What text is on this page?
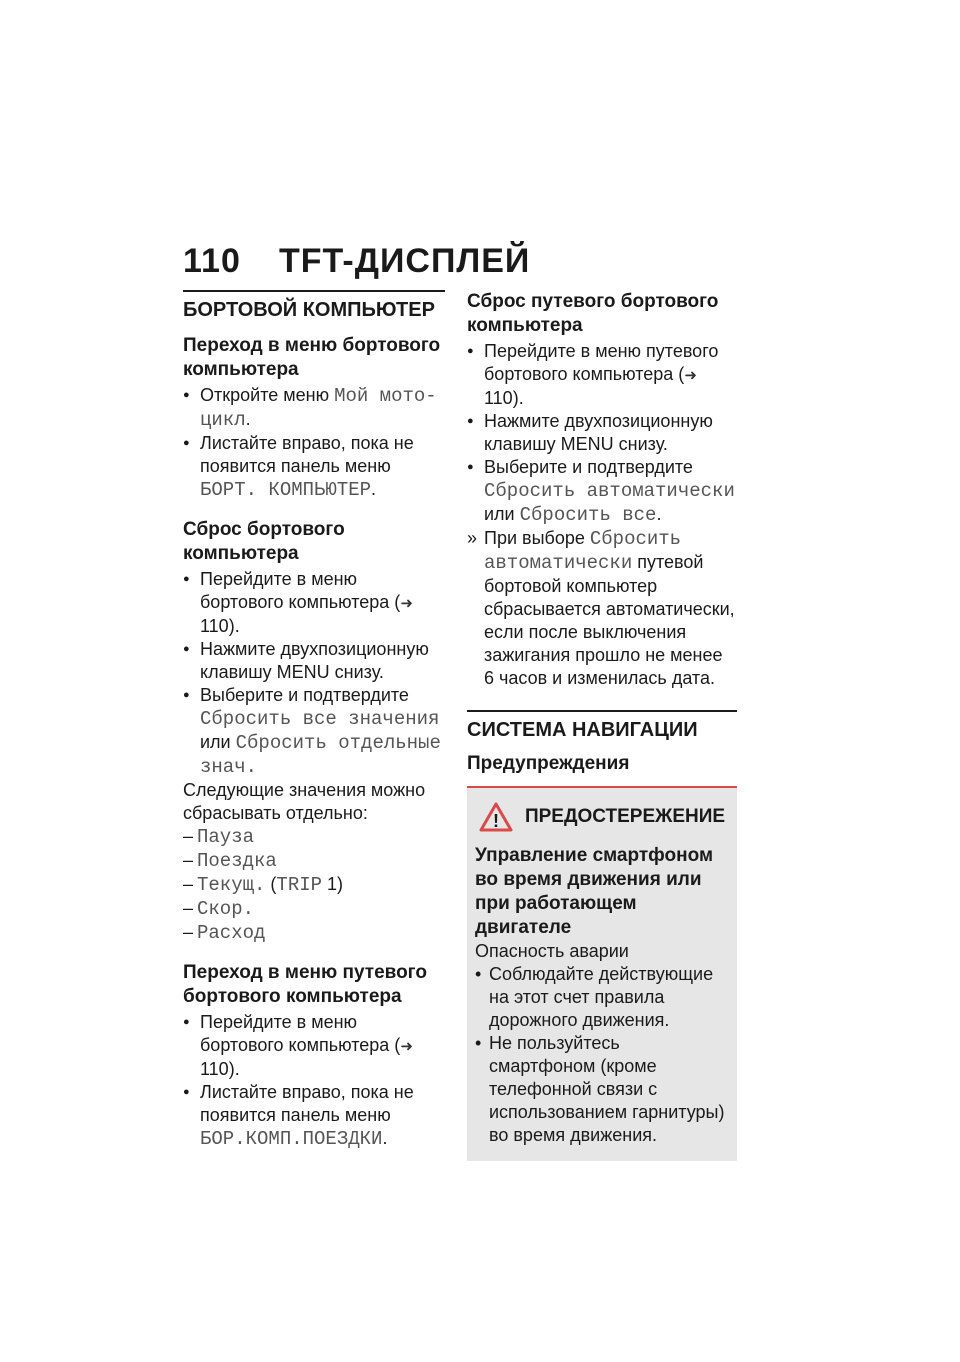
110 TFT-ДИСПЛЕЙ
БОРТОВОЙ КОМПЬЮТЕР
Переход в меню бортового компьютера
● Откройте меню Мой мото-цикл.
● Листайте вправо, пока не появится панель меню БОРТ. КОМПЬЮТЕР.
Сброс бортового компьютера
● Перейдите в меню бортового компьютера (➜ 110).
● Нажмите двухпозиционную клавишу MENU снизу.
● Выберите и подтвердите Сбросить все значения или Сбросить отдельные знач.
Следующие значения можно сбрасывать отдельно:
– Пауза
– Поездка
– Текущ. (TRIP 1)
– Скор.
– Расход
Переход в меню путевого бортового компьютера
● Перейдите в меню бортового компьютера (➜ 110).
● Листайте вправо, пока не появится панель меню БОР.КОМП.ПОЕЗДКИ.
Сброс путевого бортового компьютера
● Перейдите в меню путевого бортового компьютера (➜ 110).
● Нажмите двухпозиционную клавишу MENU снизу.
● Выберите и подтвердите Сбросить автоматически или Сбросить все.
» При выборе Сбросить автоматически путевой бортовой компьютер сбрасывается автоматически, если после выключения зажигания прошло не менее 6 часов и изменилась дата.
СИСТЕМА НАВИГАЦИИ
Предупреждения
! ПРЕДОСТЕРЕЖЕНИЕ
Управление смартфоном во время движения или при работающем двигателе
Опасность аварии
• Соблюдайте действующие на этот счет правила дорожного движения.
• Не пользуйтесь смартфоном (кроме телефонной связи с использованием гарнитуры) во время движения.
